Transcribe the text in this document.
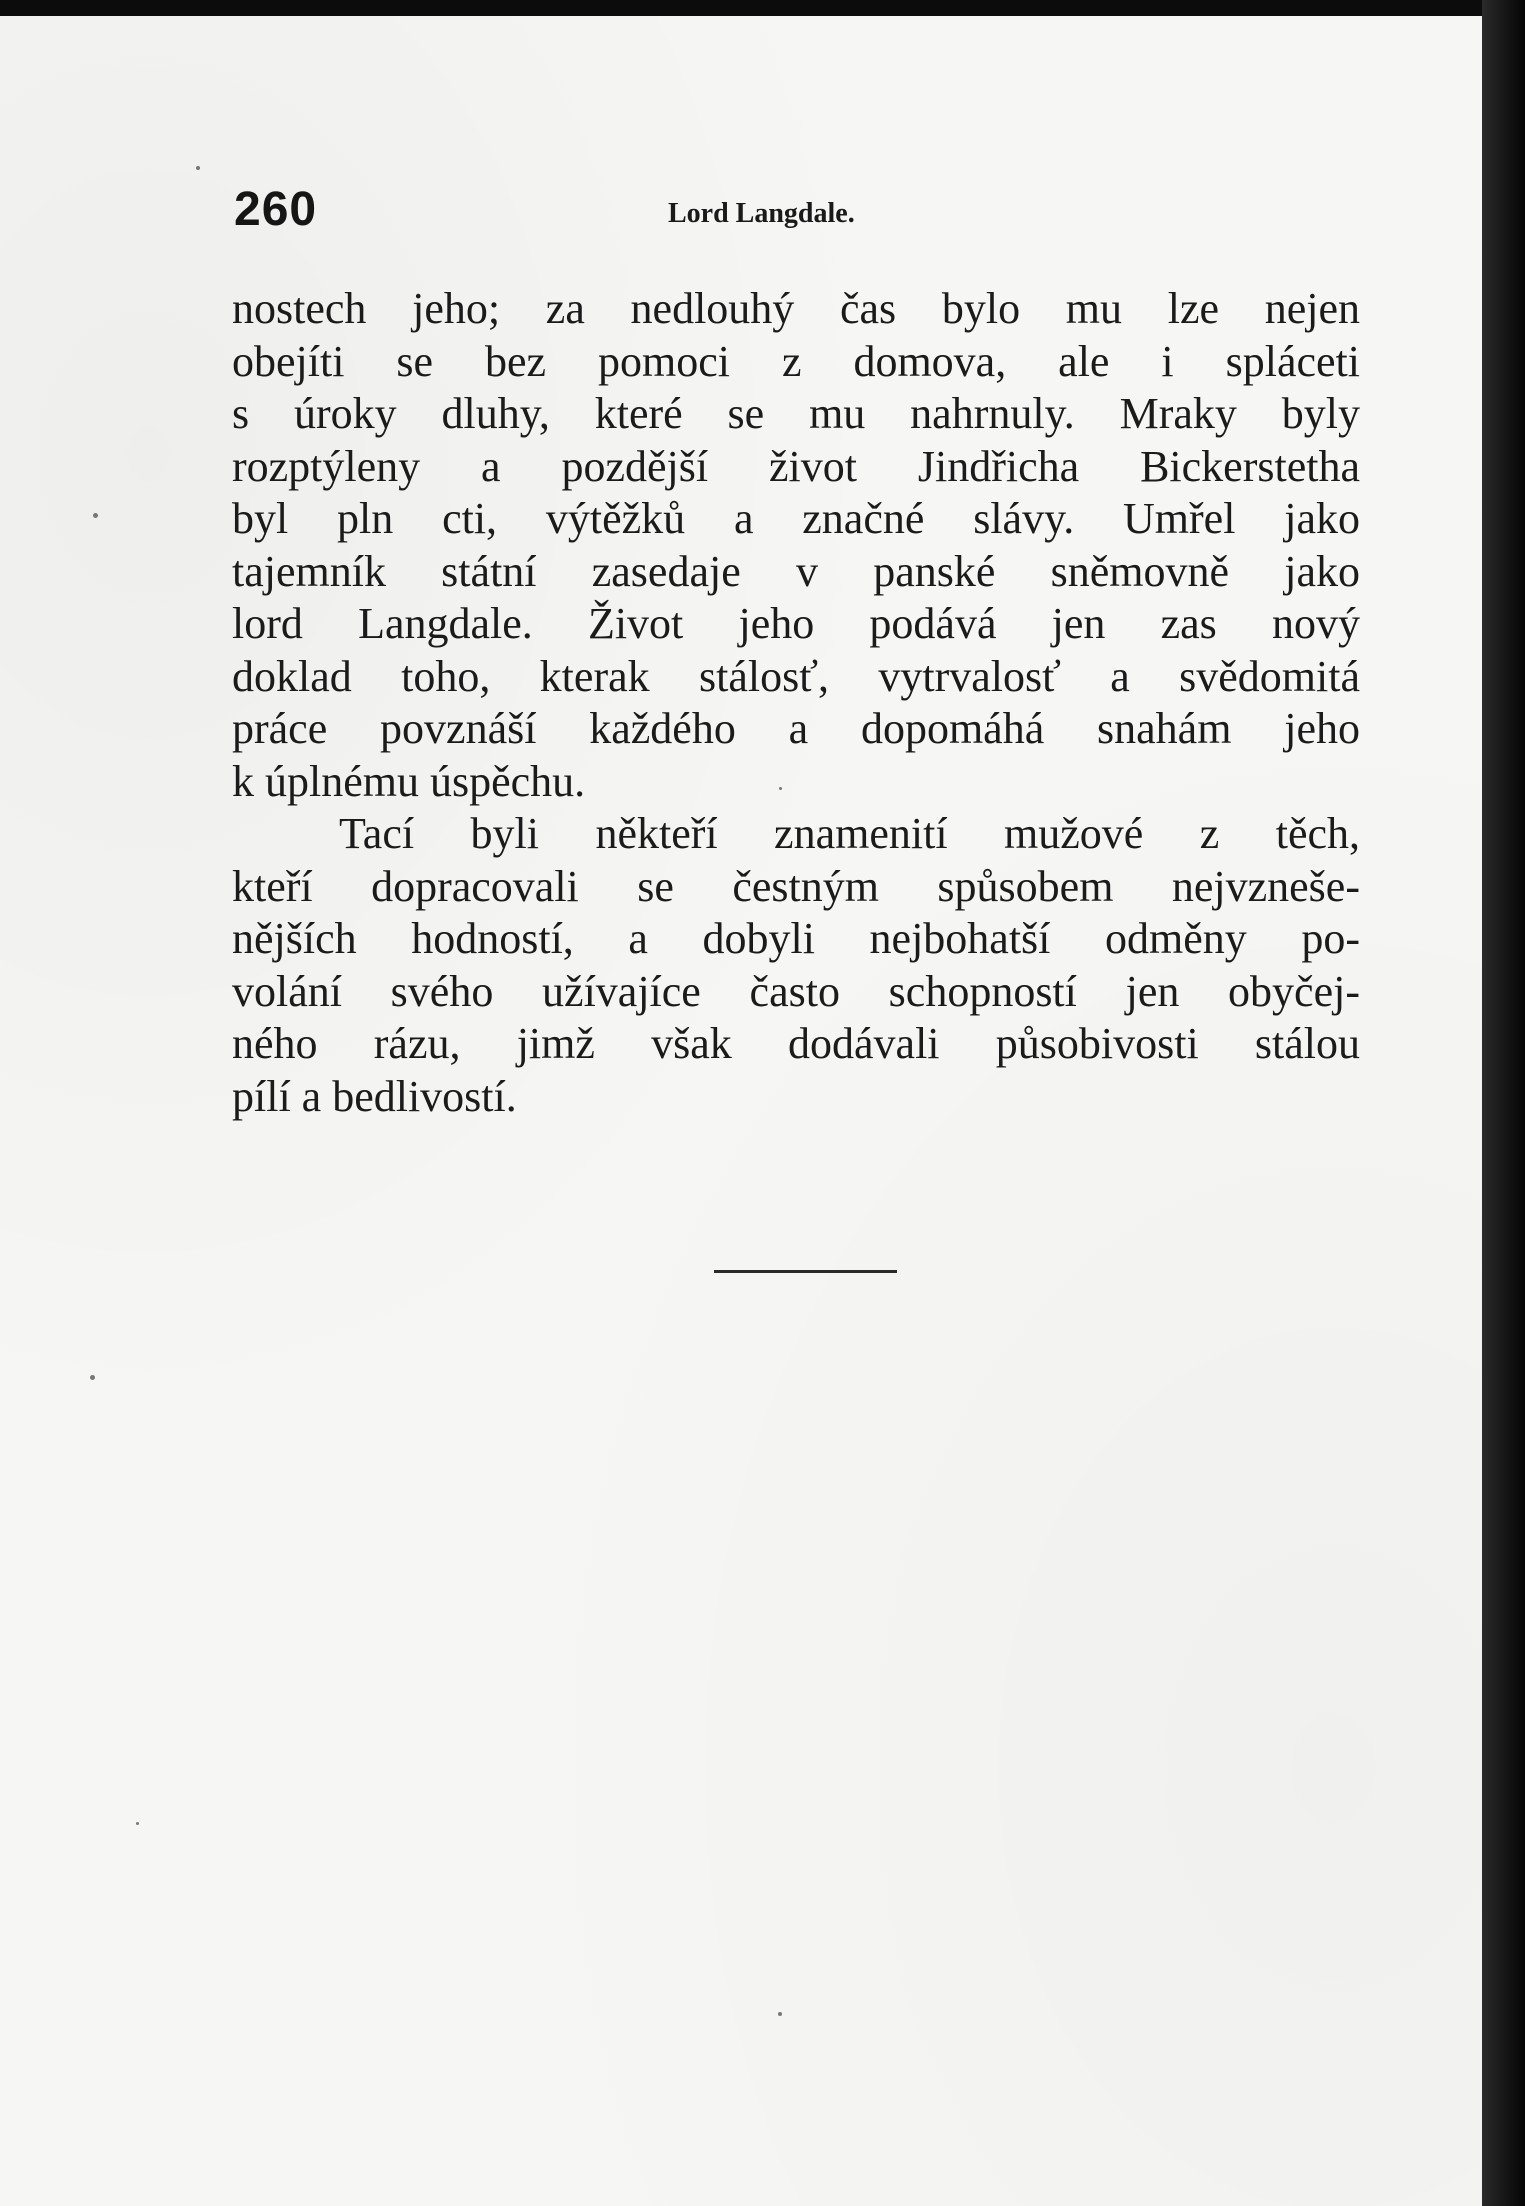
260	Lord Langdale.
nostech jeho; za nedlouhý čas bylo mu lze nejen
obejíti se bez pomoci z domova, ale i spláceti
s úroky dluhy, které se mu nahrnuly. Mraky byly
rozptýleny a pozdější život Jindřicha Bickerstetha
byl pln cti, výtěžků a značné slávy. Umřel jako
tajemník státní zasedaje v panské sněmovně jako
lord Langdale. Život jeho podává jen zas nový
doklad toho, kterak stálosť, vytrvalosť a svědomitá
práce povznáší každého a dopomáhá snahám jeho
k úplnému úspěchu.
Tací byli někteří znamenití mužové z těch,
kteří dopracovali se čestným spůsobem nejvzneše-
nějších hodností, a dobyli nejbohatší odměny po-
volání svého užívajíce často schopností jen obyčej-
ného rázu, jimž však dodávali působivosti stálou
pílí a bedlivostí.
